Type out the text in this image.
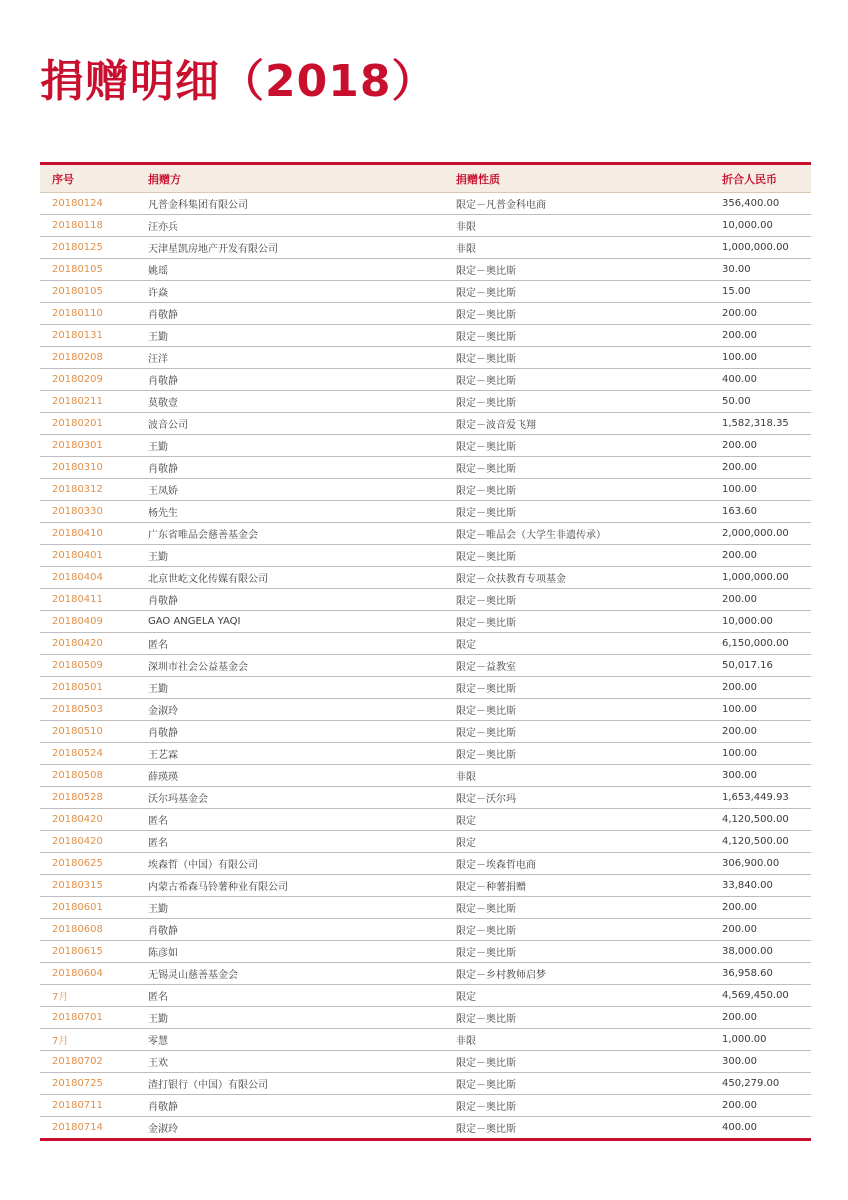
捐赠明细（2018）
序号	捐赠方	捐赠性质	折合人民币
20180124	凡普金科集团有限公司	限定－凡普金科电商	356,400.00
20180118	汪亦兵	非限	10,000.00
20180125	天津星凯房地产开发有限公司	非限	1,000,000.00
20180105	姚瑶	限定－奥比斯	30.00
20180105	许焱	限定－奥比斯	15.00
20180110	肖敬静	限定－奥比斯	200.00
20180131	王勤	限定－奥比斯	200.00
20180208	汪洋	限定－奥比斯	100.00
20180209	肖敬静	限定－奥比斯	400.00
20180211	莫敬壹	限定－奥比斯	50.00
20180201	波音公司	限定－波音爱飞翔	1,582,318.35
20180301	王勤	限定－奥比斯	200.00
20180310	肖敬静	限定－奥比斯	200.00
20180312	王凤娇	限定－奥比斯	100.00
20180330	杨先生	限定－奥比斯	163.60
20180410	广东省唯品会慈善基金会	限定－唯品会（大学生非遗传承）	2,000,000.00
20180401	王勤	限定－奥比斯	200.00
20180404	北京世屹文化传媒有限公司	限定－众扶教育专项基金	1,000,000.00
20180411	肖敬静	限定－奥比斯	200.00
20180409	GAO ANGELA YAQI	限定－奥比斯	10,000.00
20180420	匿名	限定	6,150,000.00
20180509	深圳市社会公益基金会	限定－益教室	50,017.16
20180501	王勤	限定－奥比斯	200.00
20180503	金淑玲	限定－奥比斯	100.00
20180510	肖敬静	限定－奥比斯	200.00
20180524	王艺霖	限定－奥比斯	100.00
20180508	薛瑛瑛	非限	300.00
20180528	沃尔玛基金会	限定－沃尔玛	1,653,449.93
20180420	匿名	限定	4,120,500.00
20180420	匿名	限定	4,120,500.00
20180625	埃森哲（中国）有限公司	限定－埃森哲电商	306,900.00
20180315	内蒙古希森马铃薯种业有限公司	限定－种薯捐赠	33,840.00
20180601	王勤	限定－奥比斯	200.00
20180608	肖敬静	限定－奥比斯	200.00
20180615	陈彦如	限定－奥比斯	38,000.00
20180604	无锡灵山慈善基金会	限定－乡村教师启梦	36,958.60
7月	匿名	限定	4,569,450.00
20180701	王勤	限定－奥比斯	200.00
7月	零慧	非限	1,000.00
20180702	王欢	限定－奥比斯	300.00
20180725	渣打银行（中国）有限公司	限定－奥比斯	450,279.00
20180711	肖敬静	限定－奥比斯	200.00
20180714	金淑玲	限定－奥比斯	400.00
